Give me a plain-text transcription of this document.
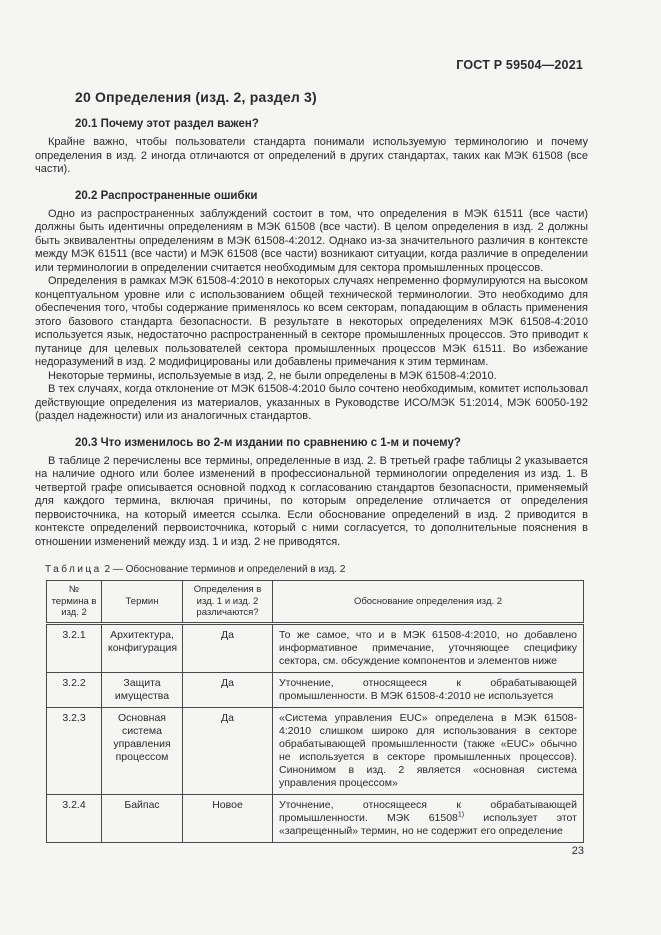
ГОСТ Р 59504—2021
20 Определения (изд. 2, раздел 3)
20.1 Почему этот раздел важен?

Крайне важно, чтобы пользователи стандарта понимали используемую терминологию и почему определения в изд. 2 иногда отличаются от определений в других стандартах, таких как МЭК 61508 (все части).

20.2 Распространенные ошибки

Одно из распространенных заблуждений состоит в том, что определения в МЭК 61511 (все части) должны быть идентичны определениям в МЭК 61508 (все части). В целом определения в изд. 2 должны быть эквивалентны определениям в МЭК 61508-4:2012. Однако из-за значительного различия в контексте между МЭК 61511 (все части) и МЭК 61508 (все части) возникают ситуации, когда различие в определении или терминологии в определении считается необходимым для сектора промышленных процессов.

Определения в рамках МЭК 61508-4:2010 в некоторых случаях непременно формулируются на высоком концептуальном уровне или с использованием общей технической терминологии. Это необходимо для обеспечения того, чтобы содержание применялось ко всем секторам, попадающим в область применения этого базового стандарта безопасности. В результате в некоторых определениях МЭК 61508-4:2010 используется язык, недостаточно распространенный в секторе промышленных процессов. Это приводит к путанице для целевых пользователей сектора промышленных процессов МЭК 61511. Во избежание недоразумений в изд. 2 модифицированы или добавлены примечания к этим терминам.

Некоторые термины, используемые в изд. 2, не были определены в МЭК 61508-4:2010.

В тех случаях, когда отклонение от МЭК 61508-4:2010 было сочтено необходимым, комитет использовал действующие определения из материалов, указанных в Руководстве ИСО/МЭК 51:2014, МЭК 60050-192 (раздел надежности) или из аналогичных стандартов.

20.3 Что изменилось во 2-м издании по сравнению с 1-м и почему?

В таблице 2 перечислены все термины, определенные в изд. 2. В третьей графе таблицы 2 указывается на наличие одного или более изменений в профессиональной терминологии определения из изд. 1. В четвертой графе описывается основной подход к согласованию стандартов безопасности, применяемый для каждого термина, включая причины, по которым определение отличается от определения первоисточника, на который имеется ссылка. Если обоснование определений в изд. 2 приводится в контексте определений первоисточника, который с ними согласуется, то дополнительные пояснения в отношении изменений между изд. 1 и изд. 2 не приводятся.

Таблица 2 — Обоснование терминов и определений в изд. 2
№ термина в изд. 2	Термин	Определения в изд. 1 и изд. 2 различаются?	Обоснование определения изд. 2
3.2.1	Архитектура, конфигурация	Да	То же самое, что и в МЭК 61508-4:2010, но добавлено информативное примечание, уточняющее специфику сектора, см. обсуждение компонентов и элементов ниже
3.2.2	Защита имущества	Да	Уточнение, относящееся к обрабатывающей промышленности. В МЭК 61508-4:2010 не используется
3.2.3	Основная система управления процессом	Да	«Система управления EUC» определена в МЭК 61508-4:2010 слишком широко для использования в секторе обрабатывающей промышленности (также «EUC» обычно не используется в секторе промышленных процессов). Синонимом в изд. 2 является «основная система управления процессом»
3.2.4	Байпас	Новое	Уточнение, относящееся к обрабатывающей промышленности. МЭК 61508$^{1)}$ использует этот «запрещенный» термин, но не содержит его определение
23
